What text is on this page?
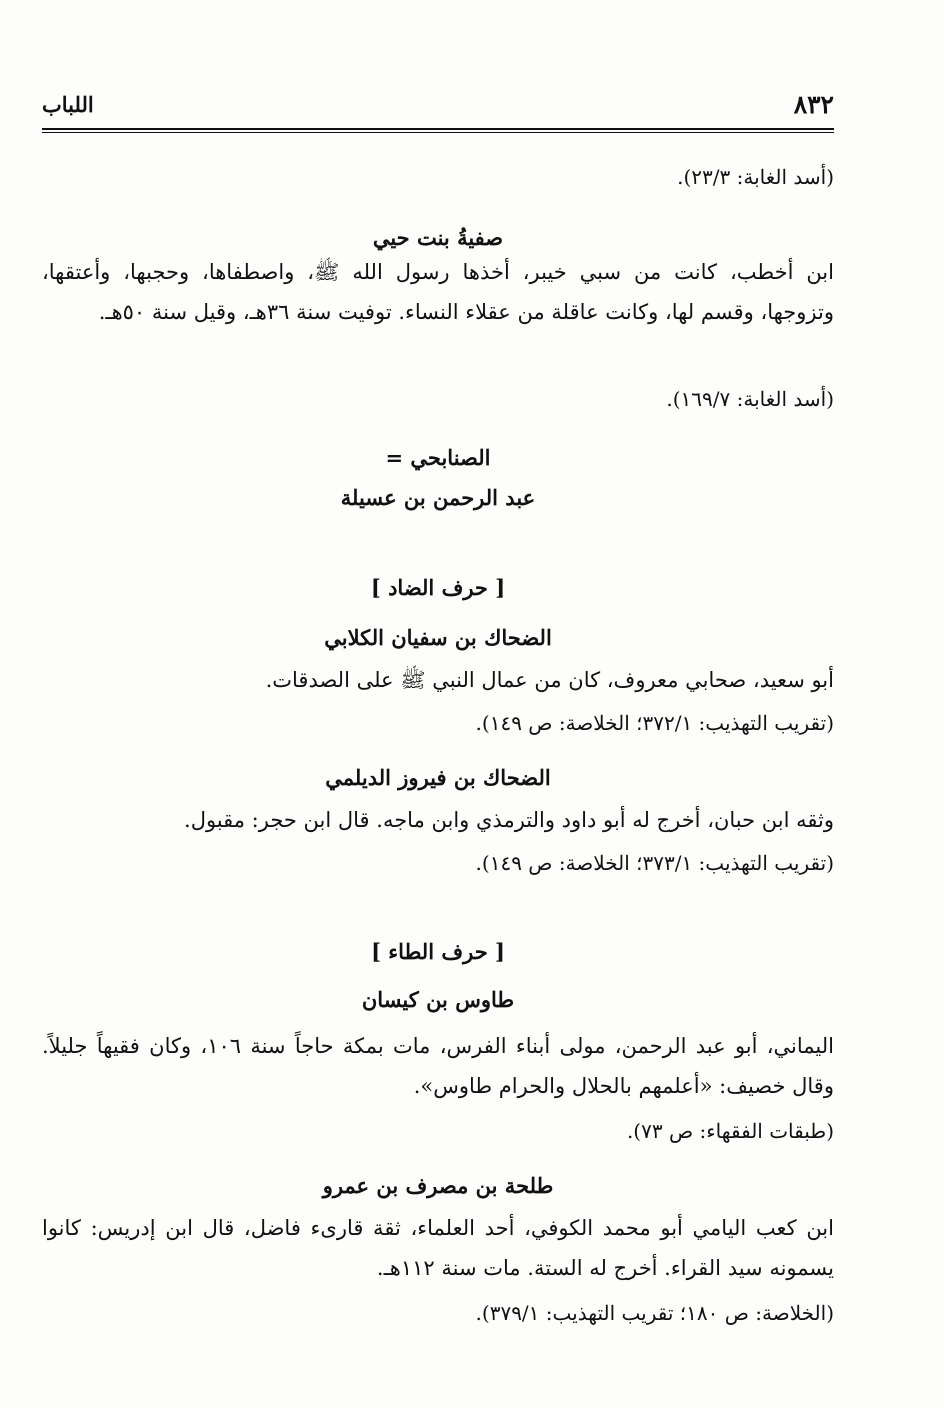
٨٣٢
اللباب
(أسد الغابة: ٢٣/٣).
صفيةُ بنت حيي
ابن أخطب، كانت من سبي خيبر، أخذها رسول الله ﷺ، واصطفاها، وحجبها، وأعتقها، وتزوجها، وقسم لها، وكانت عاقلة من عقلاء النساء. توفيت سنة ٣٦هـ، وقيل سنة ٥٠هـ.
(أسد الغابة: ١٦٩/٧).
الصنابحي =
عبد الرحمن بن عسيلة
[ حرف الضاد ]
الضحاك بن سفيان الكلابي
أبو سعيد، صحابي معروف، كان من عمال النبي ﷺ على الصدقات.
(تقريب التهذيب: ٣٧٢/١؛ الخلاصة: ص ١٤٩).
الضحاك بن فيروز الديلمي
وثقه ابن حبان، أخرج له أبو داود والترمذي وابن ماجه. قال ابن حجر: مقبول.
(تقريب التهذيب: ٣٧٣/١؛ الخلاصة: ص ١٤٩).
[ حرف الطاء ]
طاوس بن كيسان
اليماني، أبو عبد الرحمن، مولى أبناء الفرس، مات بمكة حاجاً سنة ١٠٦، وكان فقيهاً جليلاً. وقال خصيف: «أعلمهم بالحلال والحرام طاوس».
(طبقات الفقهاء: ص ٧٣).
طلحة بن مصرف بن عمرو
ابن كعب اليامي أبو محمد الكوفي، أحد العلماء، ثقة قارىء فاضل، قال ابن إدريس: كانوا يسمونه سيد القراء. أخرج له الستة. مات سنة ١١٢هـ.
(الخلاصة: ص ١٨٠؛ تقريب التهذيب: ٣٧٩/١).
